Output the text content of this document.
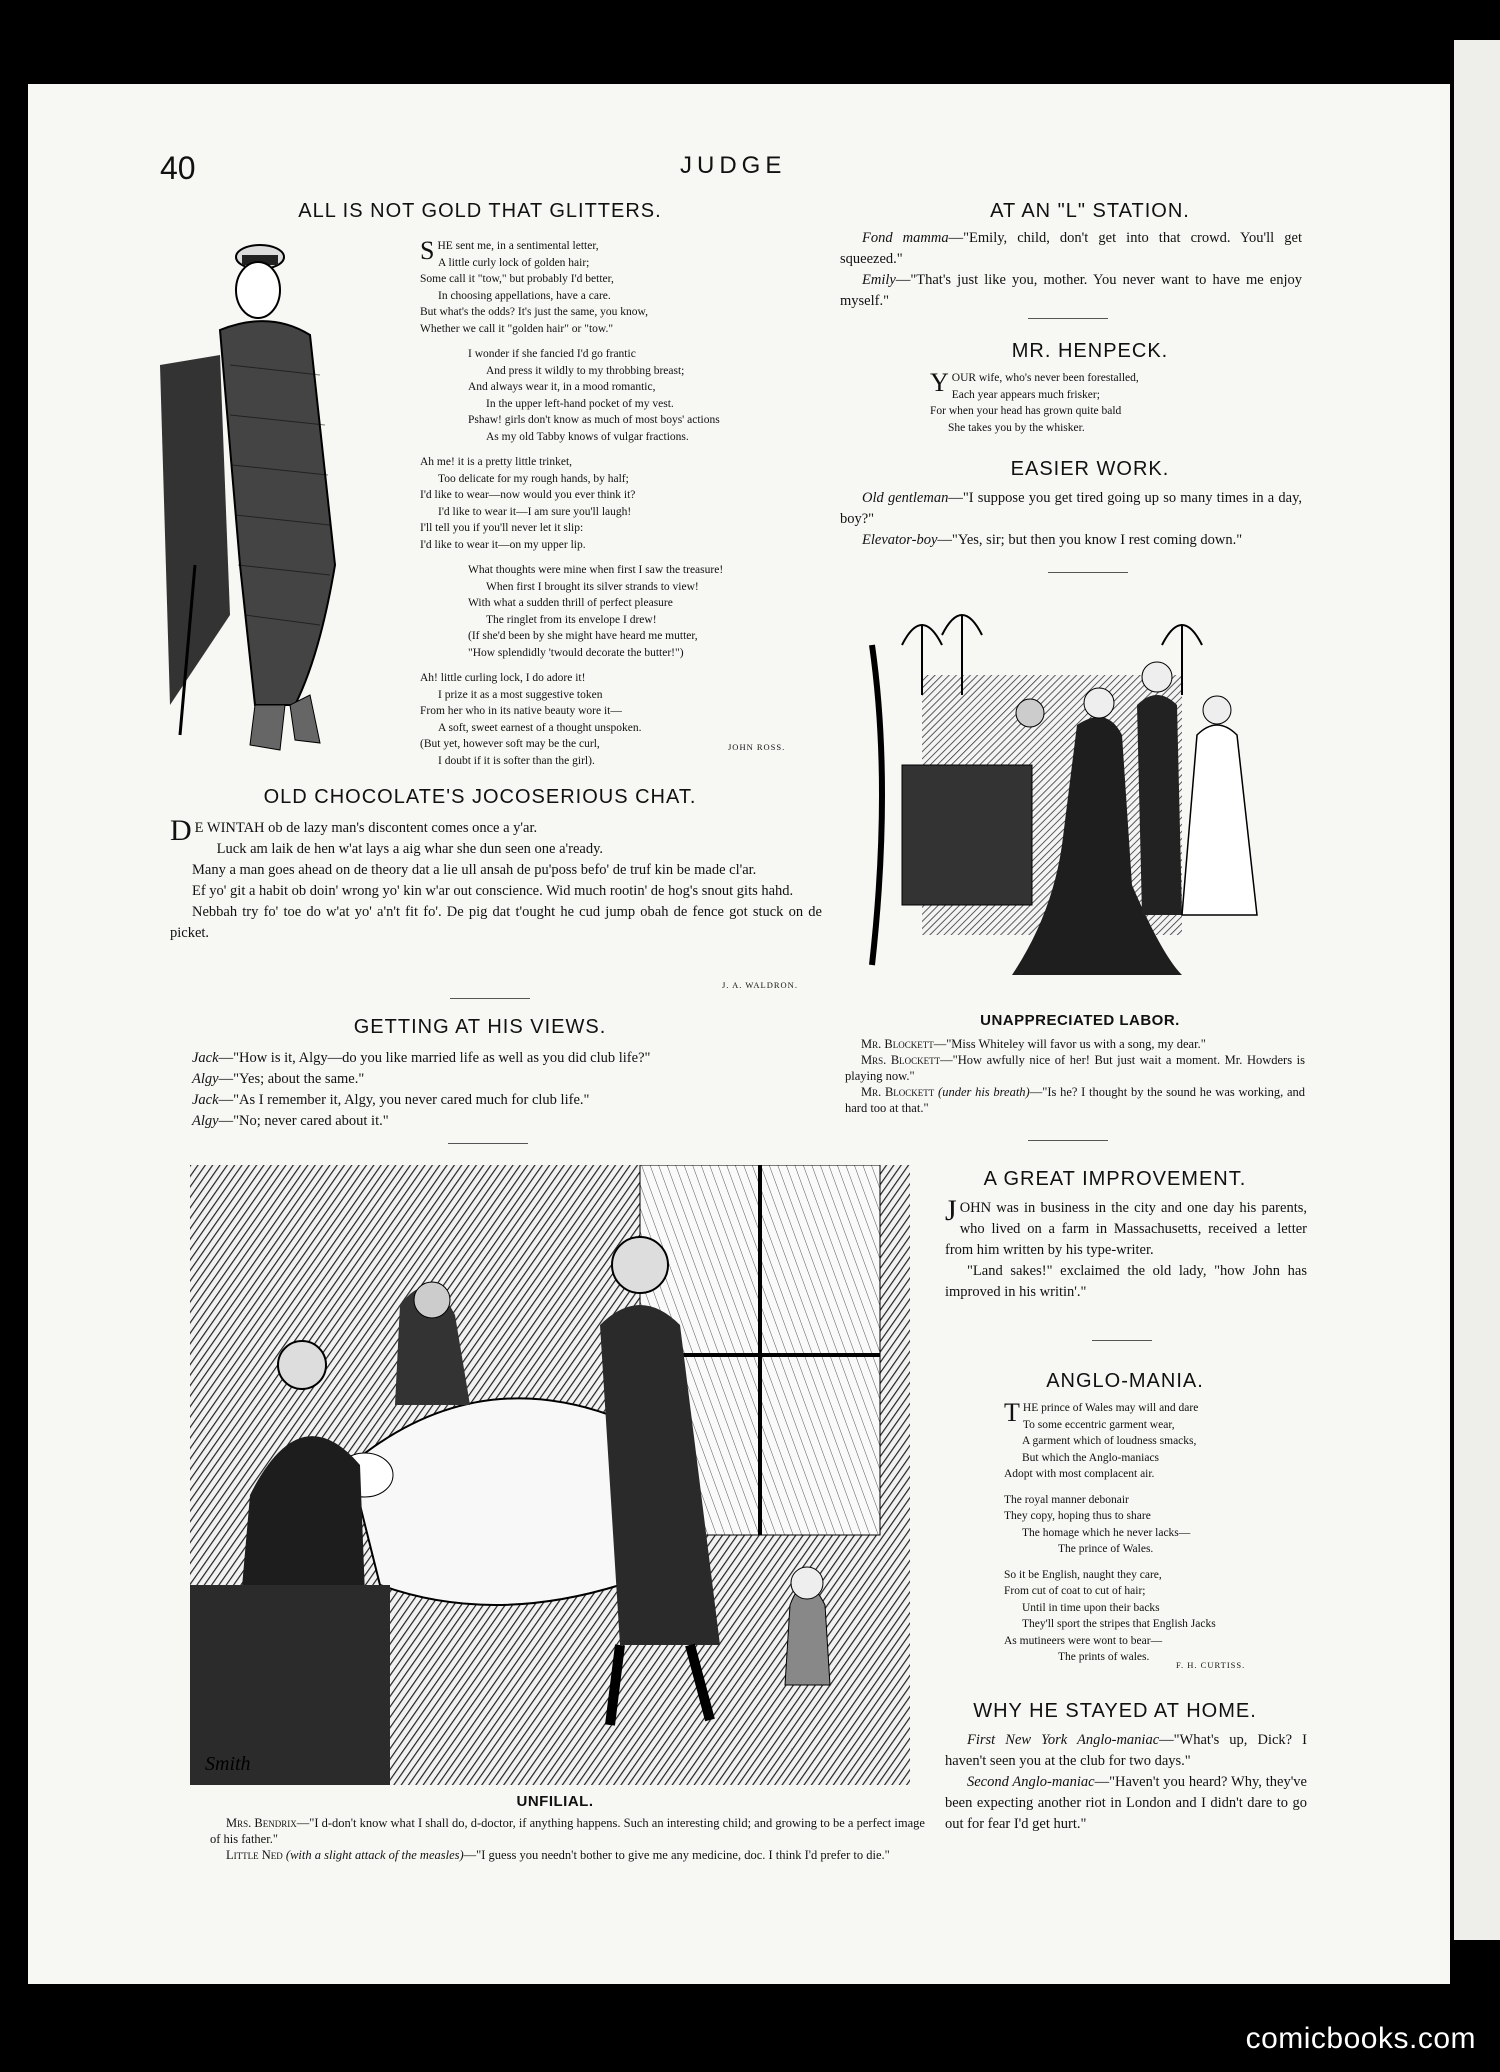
40	JUDGE
ALL IS NOT GOLD THAT GLITTERS.
SHE sent me, in a sentimental letter,
A little curly lock of golden hair;
Some call it "tow," but probably I'd better,
In choosing appellations, have a care.
But what's the odds? It's just the same, you know,
Whether we call it "golden hair" or "tow."
I wonder if she fancied I'd go frantic
And press it wildly to my throbbing breast;
And always wear it, in a mood romantic,
In the upper left-hand pocket of my vest.
Pshaw! girls don't know as much of most boys' actions
As my old Tabby knows of vulgar fractions.
Ah me! it is a pretty little trinket,
Too delicate for my rough hands, by half;
I'd like to wear—now would you ever think it?
I'd like to wear it—I am sure you'll laugh!
I'll tell you if you'll never let it slip:
I'd like to wear it—on my upper lip.
What thoughts were mine when first I saw the treasure!
When first I brought its silver strands to view!
With what a sudden thrill of perfect pleasure
The ringlet from its envelope I drew!
(If she'd been by she might have heard me mutter,
"How splendidly 'twould decorate the butter!")
Ah! little curling lock, I do adore it!
I prize it as a most suggestive token
From her who in its native beauty wore it—
A soft, sweet earnest of a thought unspoken.
(But yet, however soft may be the curl,
I doubt if it is softer than the girl).
JOHN ROSS.
OLD CHOCOLATE'S JOCOSERIOUS CHAT.

D E WINTAH ob de lazy man's discontent comes once a y'ar.

Luck am laik de hen w'at lays a aig whar she dun seen one a'ready.

Many a man goes ahead on de theory dat a lie ull ansah de pu'poss befo' de truf kin be made cl'ar.

Ef yo' git a habit ob doin' wrong yo' kin w'ar out conscience. Wid much rootin' de hog's snout gits hahd.

Nebbah try fo' toe do w'at yo' a'n't fit fo'. De pig dat t'ought he cud jump obah de fence got stuck on de picket.

J. A. WALDRON.
GETTING AT HIS VIEWS.

Jack—"How is it, Algy—do you like married life as well as you did club life?"

Algy—"Yes; about the same."

Jack—"As I remember it, Algy, you never cared much for club life."

Algy—"No; never cared about it."

Smith
UNFILIAL.

Mrs. Bendrix—"I d-don't know what I shall do, d-doctor, if anything happens. Such an interesting child; and growing to be a perfect image of his father."

Little Ned (with a slight attack of the measles)—"I guess you needn't bother to give me any medicine, doc. I think I'd prefer to die."

AT AN "L" STATION.

Fond mamma—"Emily, child, don't get into that crowd. You'll get squeezed."

Emily—"That's just like you, mother. You never want to have me enjoy myself."

MR. HENPECK.
YOUR wife, who's never been forestalled,
Each year appears much frisker;
For when your head has grown quite bald
She takes you by the whisker.
EASIER WORK.

Old gentleman—"I suppose you get tired going up so many times in a day, boy?"

Elevator-boy—"Yes, sir; but then you know I rest coming down."

UNAPPRECIATED LABOR.

Mr. Blockett—"Miss Whiteley will favor us with a song, my dear."

Mrs. Blockett—"How awfully nice of her! But just wait a moment. Mr. Howders is playing now."

Mr. Blockett (under his breath)—"Is he? I thought by the sound he was working, and hard too at that."

A GREAT IMPROVEMENT.

JOHN was in business in the city and one day his parents, who lived on a farm in Massachusetts, received a letter from him written by his type-writer.

"Land sakes!" exclaimed the old lady, "how John has improved in his writin'."

ANGLO-MANIA.
THE prince of Wales may will and dare
To some eccentric garment wear,
A garment which of loudness smacks,
But which the Anglo-maniacs
Adopt with most complacent air.
The royal manner debonair
They copy, hoping thus to share
The homage which he never lacks—
The prince of Wales.
So it be English, naught they care,
From cut of coat to cut of hair;
Until in time upon their backs
They'll sport the stripes that English Jacks
As mutineers were wont to bear—
The prints of wales.
F. H. CURTISS.
WHY HE STAYED AT HOME.

First New York Anglo-maniac—"What's up, Dick? I haven't seen you at the club for two days."

Second Anglo-maniac—"Haven't you heard? Why, they've been expecting another riot in London and I didn't dare to go out for fear I'd get hurt."

comicbooks.com
